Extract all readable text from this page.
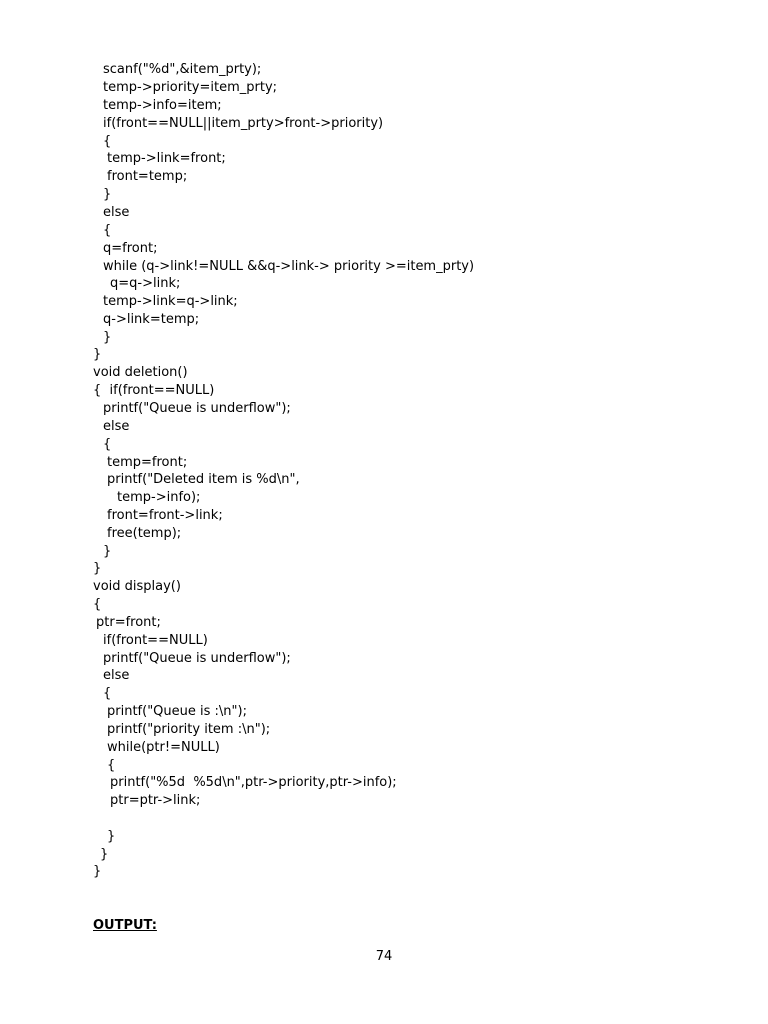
scanf("%d",&item_prty);
temp->priority=item_prty;
temp->info=item;
if(front==NULL||item_prty>front->priority)
{
temp->link=front;
front=temp;
}
else
{
q=front;
while (q->link!=NULL &&q->link-> priority >=item_prty)
q=q->link;
temp->link=q->link;
q->link=temp;
}
}
void deletion()
{  if(front==NULL)
printf("Queue is underflow");
else
{
temp=front;
printf("Deleted item is %d\n",
temp->info);
front=front->link;
free(temp);
}
}
void display()
{
ptr=front;
if(front==NULL)
printf("Queue is underflow");
else
{
printf("Queue is :\n");
printf("priority item :\n");
while(ptr!=NULL)
{
printf("%5d  %5d\n",ptr->priority,ptr->info);
ptr=ptr->link;
}
}
}
OUTPUT:
74
